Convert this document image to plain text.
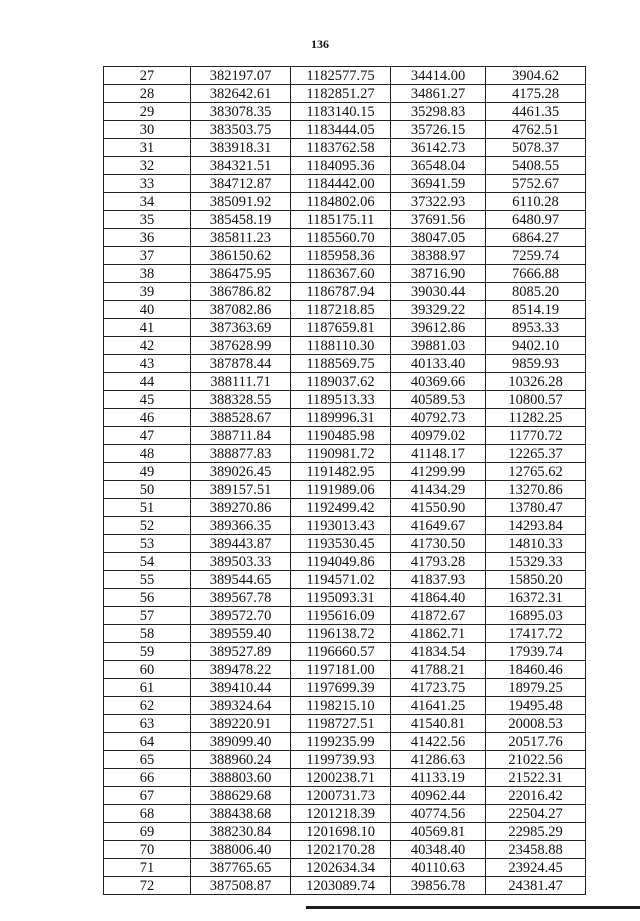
136
27	382197.07	1182577.75	34414.00	3904.62
28	382642.61	1182851.27	34861.27	4175.28
29	383078.35	1183140.15	35298.83	4461.35
30	383503.75	1183444.05	35726.15	4762.51
31	383918.31	1183762.58	36142.73	5078.37
32	384321.51	1184095.36	36548.04	5408.55
33	384712.87	1184442.00	36941.59	5752.67
34	385091.92	1184802.06	37322.93	6110.28
35	385458.19	1185175.11	37691.56	6480.97
36	385811.23	1185560.70	38047.05	6864.27
37	386150.62	1185958.36	38388.97	7259.74
38	386475.95	1186367.60	38716.90	7666.88
39	386786.82	1186787.94	39030.44	8085.20
40	387082.86	1187218.85	39329.22	8514.19
41	387363.69	1187659.81	39612.86	8953.33
42	387628.99	1188110.30	39881.03	9402.10
43	387878.44	1188569.75	40133.40	9859.93
44	388111.71	1189037.62	40369.66	10326.28
45	388328.55	1189513.33	40589.53	10800.57
46	388528.67	1189996.31	40792.73	11282.25
47	388711.84	1190485.98	40979.02	11770.72
48	388877.83	1190981.72	41148.17	12265.37
49	389026.45	1191482.95	41299.99	12765.62
50	389157.51	1191989.06	41434.29	13270.86
51	389270.86	1192499.42	41550.90	13780.47
52	389366.35	1193013.43	41649.67	14293.84
53	389443.87	1193530.45	41730.50	14810.33
54	389503.33	1194049.86	41793.28	15329.33
55	389544.65	1194571.02	41837.93	15850.20
56	389567.78	1195093.31	41864.40	16372.31
57	389572.70	1195616.09	41872.67	16895.03
58	389559.40	1196138.72	41862.71	17417.72
59	389527.89	1196660.57	41834.54	17939.74
60	389478.22	1197181.00	41788.21	18460.46
61	389410.44	1197699.39	41723.75	18979.25
62	389324.64	1198215.10	41641.25	19495.48
63	389220.91	1198727.51	41540.81	20008.53
64	389099.40	1199235.99	41422.56	20517.76
65	388960.24	1199739.93	41286.63	21022.56
66	388803.60	1200238.71	41133.19	21522.31
67	388629.68	1200731.73	40962.44	22016.42
68	388438.68	1201218.39	40774.56	22504.27
69	388230.84	1201698.10	40569.81	22985.29
70	388006.40	1202170.28	40348.40	23458.88
71	387765.65	1202634.34	40110.63	23924.45
72	387508.87	1203089.74	39856.78	24381.47
